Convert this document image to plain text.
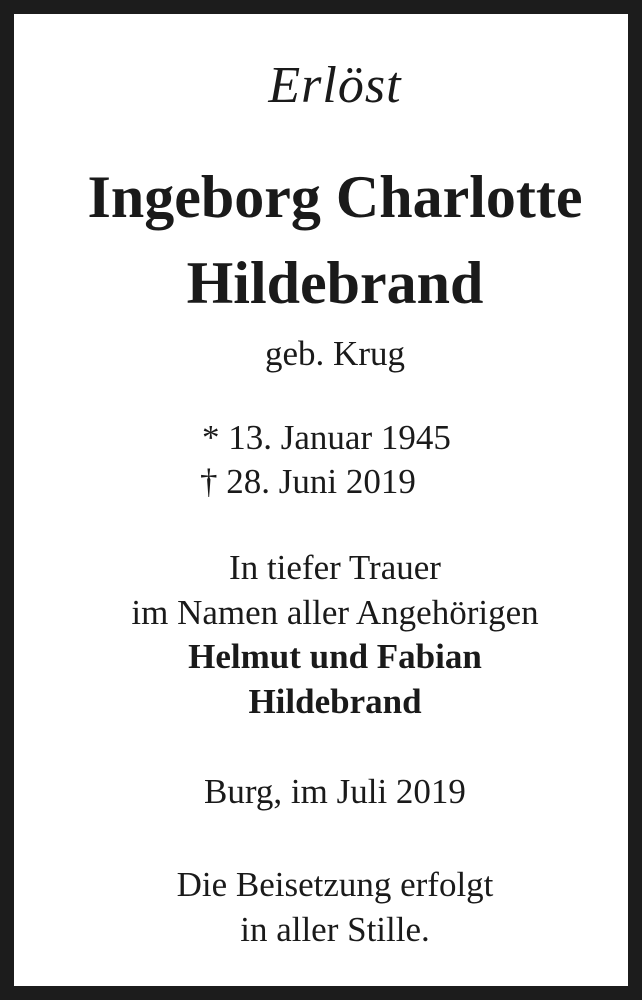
Erlöst
Ingeborg Charlotte
Hildebrand
geb. Krug
* 13. Januar 1945
† 28. Juni 2019
In tiefer Trauer
im Namen aller Angehörigen
Helmut und Fabian
Hildebrand
Burg, im Juli 2019
Die Beisetzung erfolgt
in aller Stille.
